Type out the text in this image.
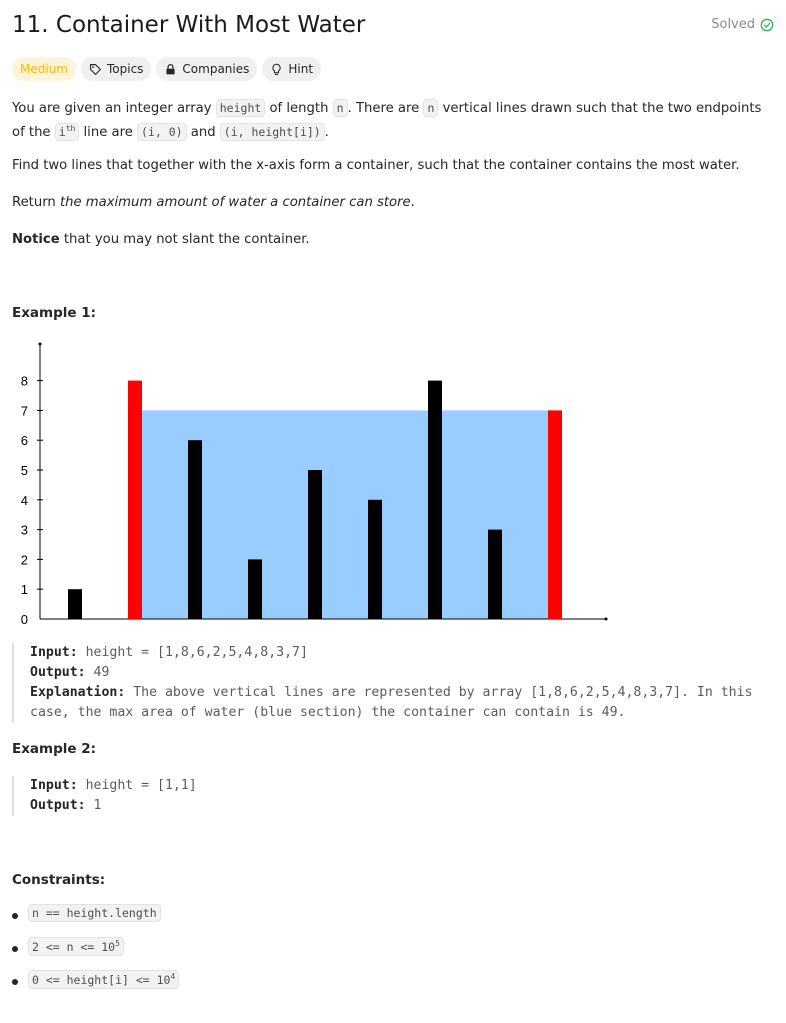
11. Container With Most Water	Solved
Medium	Topics	Companies	Hint

You are given an integer array height of length n . There are n vertical lines drawn such that the two endpoints of the $i^{th}$ line are (i, 0) and (i, height[i]) .

Find two lines that together with the x-axis form a container, such that the container contains the most water.

Return the maximum amount of water a container can store.

Notice that you may not slant the container.

Example 1:

0
1
2
3
4
5
6
7
8
Input: height = [1,8,6,2,5,4,8,3,7]
Output: 49
Explanation: The above vertical lines are represented by array [1,8,6,2,5,4,8,3,7]. In this case, the max area of water (blue section) the container can contain is 49.

Example 2:

Input: height = [1,1]
Output: 1

Constraints:

n == height.length
$2 <= n <= 10^5$
0 <= height[i] <= $10^4$
